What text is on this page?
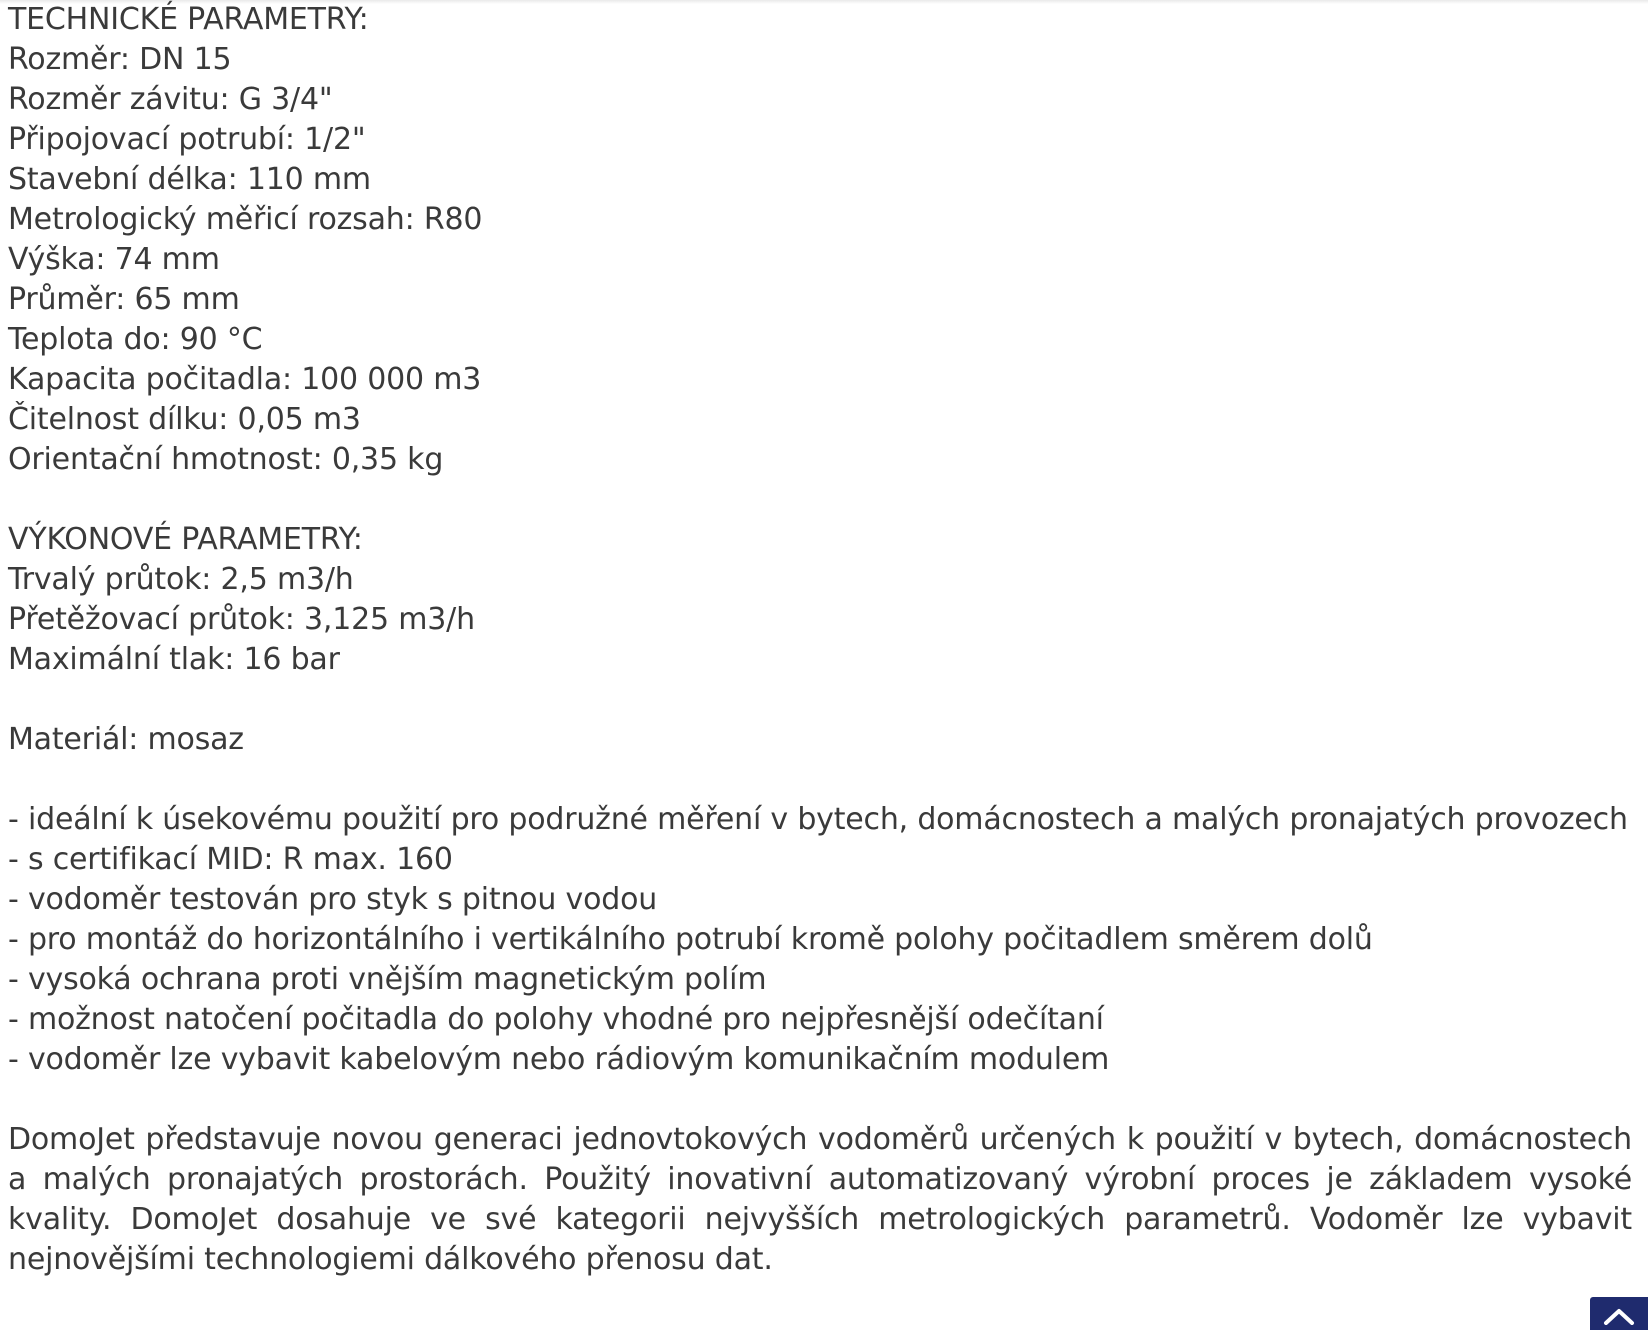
TECHNICKÉ PARAMETRY:
Rozměr: DN 15
Rozměr závitu: G 3/4"
Připojovací potrubí: 1/2"
Stavební délka: 110 mm
Metrologický měřicí rozsah: R80
Výška: 74 mm
Průměr: 65 mm
Teplota do: 90 °C
Kapacita počitadla: 100 000 m3
Čitelnost dílku: 0,05 m3
Orientační hmotnost: 0,35 kg
VÝKONOVÉ PARAMETRY:
Trvalý průtok: 2,5 m3/h
Přetěžovací průtok: 3,125 m3/h
Maximální tlak: 16 bar
Materiál: mosaz
- ideální k úsekovému použití pro podružné měření v bytech, domácnostech a malých pronajatých provozech
- s certifikací MID: R max. 160
- vodoměr testován pro styk s pitnou vodou
- pro montáž do horizontálního i vertikálního potrubí kromě polohy počitadlem směrem dolů
- vysoká ochrana proti vnějším magnetickým polím
- možnost natočení počitadla do polohy vhodné pro nejpřesnější odečítaní
- vodoměr lze vybavit kabelovým nebo rádiovým komunikačním modulem
DomoJet představuje novou generaci jednovtokových vodoměrů určených k použití v bytech, domácnostech a malých pronajatých prostorách. Použitý inovativní automatizovaný výrobní proces je základem vysoké kvality. DomoJet dosahuje ve své kategorii nejvyšších metrologických parametrů. Vodoměr lze vybavit nejnovějšími technologiemi dálkového přenosu dat.
